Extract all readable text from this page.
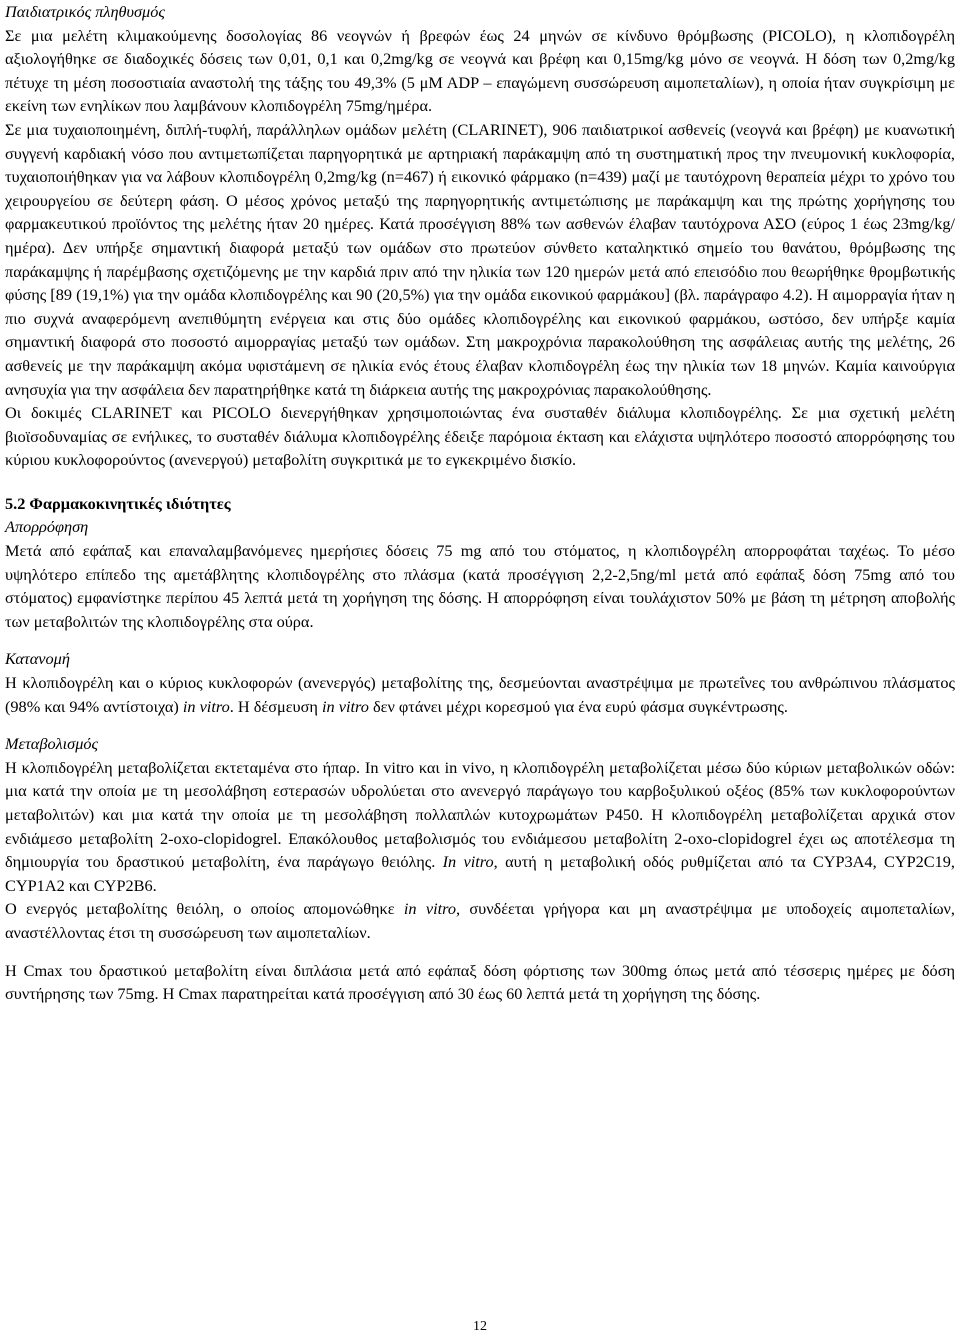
Παιδιατρικός πληθυσμός

Σε μια μελέτη κλιμακούμενης δοσολογίας 86 νεογνών ή βρεφών έως 24 μηνών σε κίνδυνο θρόμβωσης (PICOLO), η κλοπιδογρέλη αξιολογήθηκε σε διαδοχικές δόσεις των 0,01, 0,1 και 0,2mg/kg σε νεογνά και βρέφη και 0,15mg/kg μόνο σε νεογνά. Η δόση των 0,2mg/kg πέτυχε τη μέση ποσοστιαία αναστολή της τάξης του 49,3% (5 μM ADP – επαγώμενη συσσώρευση αιμοπεταλίων), η οποία ήταν συγκρίσιμη με εκείνη των ενηλίκων που λαμβάνουν κλοπιδογρέλη 75mg/ημέρα.

Σε μια τυχαιοποιημένη, διπλή-τυφλή, παράλληλων ομάδων μελέτη (CLARINET), 906 παιδιατρικοί ασθενείς (νεογνά και βρέφη) με κυανωτική συγγενή καρδιακή νόσο που αντιμετωπίζεται παρηγορητικά με αρτηριακή παράκαμψη από τη συστηματική προς την πνευμονική κυκλοφορία, τυχαιοποιήθηκαν για να λάβουν κλοπιδογρέλη 0,2mg/kg (n=467) ή εικονικό φάρμακο (n=439) μαζί με ταυτόχρονη θεραπεία μέχρι το χρόνο του χειρουργείου σε δεύτερη φάση. Ο μέσος χρόνος μεταξύ της παρηγορητικής αντιμετώπισης με παράκαμψη και της πρώτης χορήγησης του φαρμακευτικού προϊόντος της μελέτης ήταν 20 ημέρες. Κατά προσέγγιση 88% των ασθενών έλαβαν ταυτόχρονα ΑΣΟ (εύρος 1 έως 23mg/kg/ημέρα). Δεν υπήρξε σημαντική διαφορά μεταξύ των ομάδων στο πρωτεύον σύνθετο καταληκτικό σημείο του θανάτου, θρόμβωσης της παράκαμψης ή παρέμβασης σχετιζόμενης με την καρδιά πριν από την ηλικία των 120 ημερών μετά από επεισόδιο που θεωρήθηκε θρομβωτικής φύσης [89 (19,1%) για την ομάδα κλοπιδογρέλης και 90 (20,5%) για την ομάδα εικονικού φαρμάκου] (βλ. παράγραφο 4.2). Η αιμορραγία ήταν η πιο συχνά αναφερόμενη ανεπιθύμητη ενέργεια και στις δύο ομάδες κλοπιδογρέλης και εικονικού φαρμάκου, ωστόσο, δεν υπήρξε καμία σημαντική διαφορά στο ποσοστό αιμορραγίας μεταξύ των ομάδων. Στη μακροχρόνια παρακολούθηση της ασφάλειας αυτής της μελέτης, 26 ασθενείς με την παράκαμψη ακόμα υφιστάμενη σε ηλικία ενός έτους έλαβαν κλοπιδογρέλη έως την ηλικία των 18 μηνών. Καμία καινούργια ανησυχία για την ασφάλεια δεν παρατηρήθηκε κατά τη διάρκεια αυτής της μακροχρόνιας παρακολούθησης.

Οι δοκιμές CLARINET και PICOLO διενεργήθηκαν χρησιμοποιώντας ένα συσταθέν διάλυμα κλοπιδογρέλης. Σε μια σχετική μελέτη βιοϊσοδυναμίας σε ενήλικες, το συσταθέν διάλυμα κλοπιδογρέλης έδειξε παρόμοια έκταση και ελάχιστα υψηλότερο ποσοστό απορρόφησης του κύριου κυκλοφορούντος (ανενεργού) μεταβολίτη συγκριτικά με το εγκεκριμένο δισκίο.

5.2 Φαρμακοκινητικές ιδιότητες

Απορρόφηση

Μετά από εφάπαξ και επαναλαμβανόμενες ημερήσιες δόσεις 75 mg από του στόματος, η κλοπιδογρέλη απορροφάται ταχέως. Το μέσο υψηλότερο επίπεδο της αμετάβλητης κλοπιδογρέλης στο πλάσμα (κατά προσέγγιση 2,2-2,5ng/ml μετά από εφάπαξ δόση 75mg από του στόματος) εμφανίστηκε περίπου 45 λεπτά μετά τη χορήγηση της δόσης. Η απορρόφηση είναι τουλάχιστον 50% με βάση τη μέτρηση αποβολής των μεταβολιτών της κλοπιδογρέλης στα ούρα.

Κατανομή

Η κλοπιδογρέλη και ο κύριος κυκλοφορών (ανενεργός) μεταβολίτης της, δεσμεύονται αναστρέψιμα με πρωτεΐνες του ανθρώπινου πλάσματος (98% και 94% αντίστοιχα) in vitro. Η δέσμευση in vitro δεν φτάνει μέχρι κορεσμού για ένα ευρύ φάσμα συγκέντρωσης.

Μεταβολισμός

Η κλοπιδογρέλη μεταβολίζεται εκτεταμένα στο ήπαρ. In vitro και in vivo, η κλοπιδογρέλη μεταβολίζεται μέσω δύο κύριων μεταβολικών οδών: μια κατά την οποία με τη μεσολάβηση εστερασών υδρολύεται στο ανενεργό παράγωγο του καρβοξυλικού οξέος (85% των κυκλοφορούντων μεταβολιτών) και μια κατά την οποία με τη μεσολάβηση πολλαπλών κυτοχρωμάτων P450. Η κλοπιδογρέλη μεταβολίζεται αρχικά στον ενδιάμεσο μεταβολίτη 2-oxo-clopidogrel. Επακόλουθος μεταβολισμός του ενδιάμεσου μεταβολίτη 2-oxo-clopidogrel έχει ως αποτέλεσμα τη δημιουργία του δραστικού μεταβολίτη, ένα παράγωγο θειόλης. In vitro, αυτή η μεταβολική οδός ρυθμίζεται από τα CYP3A4, CYP2C19, CYP1A2 και CYP2B6.

Ο ενεργός μεταβολίτης θειόλη, ο οποίος απομονώθηκε in vitro, συνδέεται γρήγορα και μη αναστρέψιμα με υποδοχείς αιμοπεταλίων, αναστέλλοντας έτσι τη συσσώρευση των αιμοπεταλίων.

Η Cmax του δραστικού μεταβολίτη είναι διπλάσια μετά από εφάπαξ δόση φόρτισης των 300mg όπως μετά από τέσσερις ημέρες με δόση συντήρησης των 75mg. Η Cmax παρατηρείται κατά προσέγγιση από 30 έως 60 λεπτά μετά τη χορήγηση της δόσης.

12
